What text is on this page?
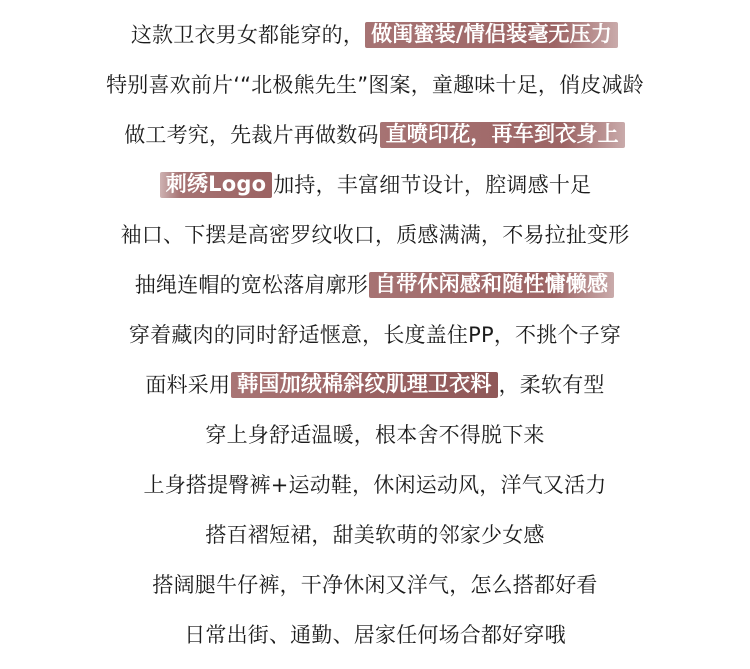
这款卫衣男女都能穿的， 做闺蜜装/情侣装毫无压力
特别喜欢前片‘“北极熊先生”图案，童趣味十足，俏皮减龄
做工考究，先裁片再做数码 直喷印花，再车到衣身上
刺绣Logo 加持，丰富细节设计，腔调感十足
袖口、下摆是高密罗纹收口，质感满满，不易拉扯变形
抽绳连帽的宽松落肩廓形 自带休闲感和随性慵懒感
穿着藏肉的同时舒适惬意，长度盖住PP，不挑个子穿
面料采用 韩国加绒棉斜纹肌理卫衣料 ，柔软有型
穿上身舒适温暖，根本舍不得脱下来
上身搭提臀裤+运动鞋，休闲运动风，洋气又活力
搭百褶短裙，甜美软萌的邻家少女感
搭阔腿牛仔裤，干净休闲又洋气，怎么搭都好看
日常出街、通勤、居家任何场合都好穿哦
